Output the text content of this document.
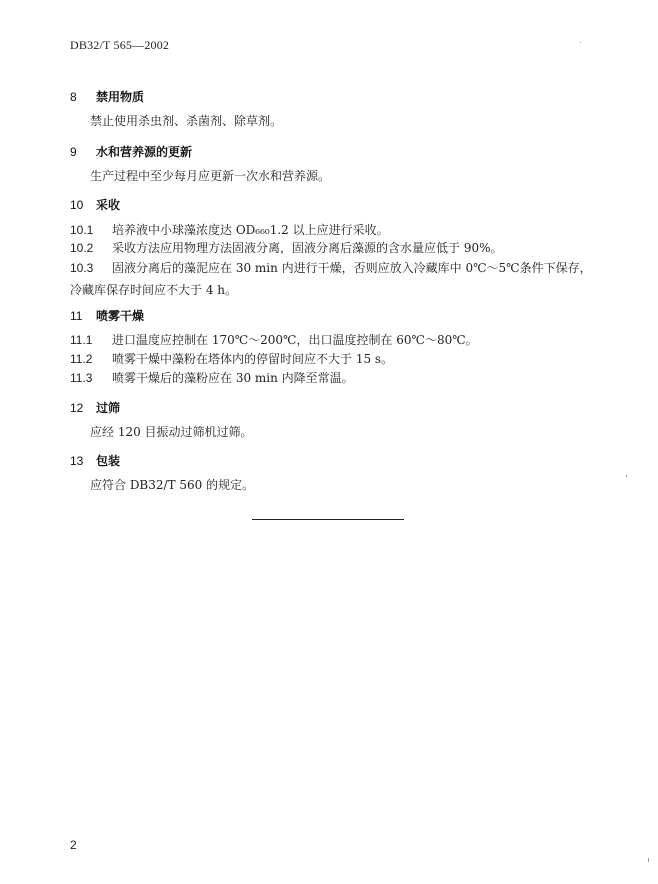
DB32/T 565—2002
8 禁用物质
禁止使用杀虫剂、杀菌剂、除草剂。
9 水和营养源的更新
生产过程中至少每月应更新一次水和营养源。
10 采收
10.1 培养液中小球藻浓度达 OD₆₆₀1.2 以上应进行采收。
10.2 采收方法应用物理方法固液分离，固液分离后藻源的含水量应低于 90%。
10.3 固液分离后的藻泥应在 30 min 内进行干燥，否则应放入冷藏库中 0℃～5℃条件下保存，冷藏库保存时间应不大于 4 h。
11 喷雾干燥
11.1 进口温度应控制在 170℃～200℃，出口温度控制在 60℃～80℃。
11.2 喷雾干燥中藻粉在塔体内的停留时间应不大于 15 s。
11.3 喷雾干燥后的藻粉应在 30 min 内降至常温。
12 过筛
应经 120 目振动过筛机过筛。
13 包装
应符合 DB32/T 560 的规定。
2
